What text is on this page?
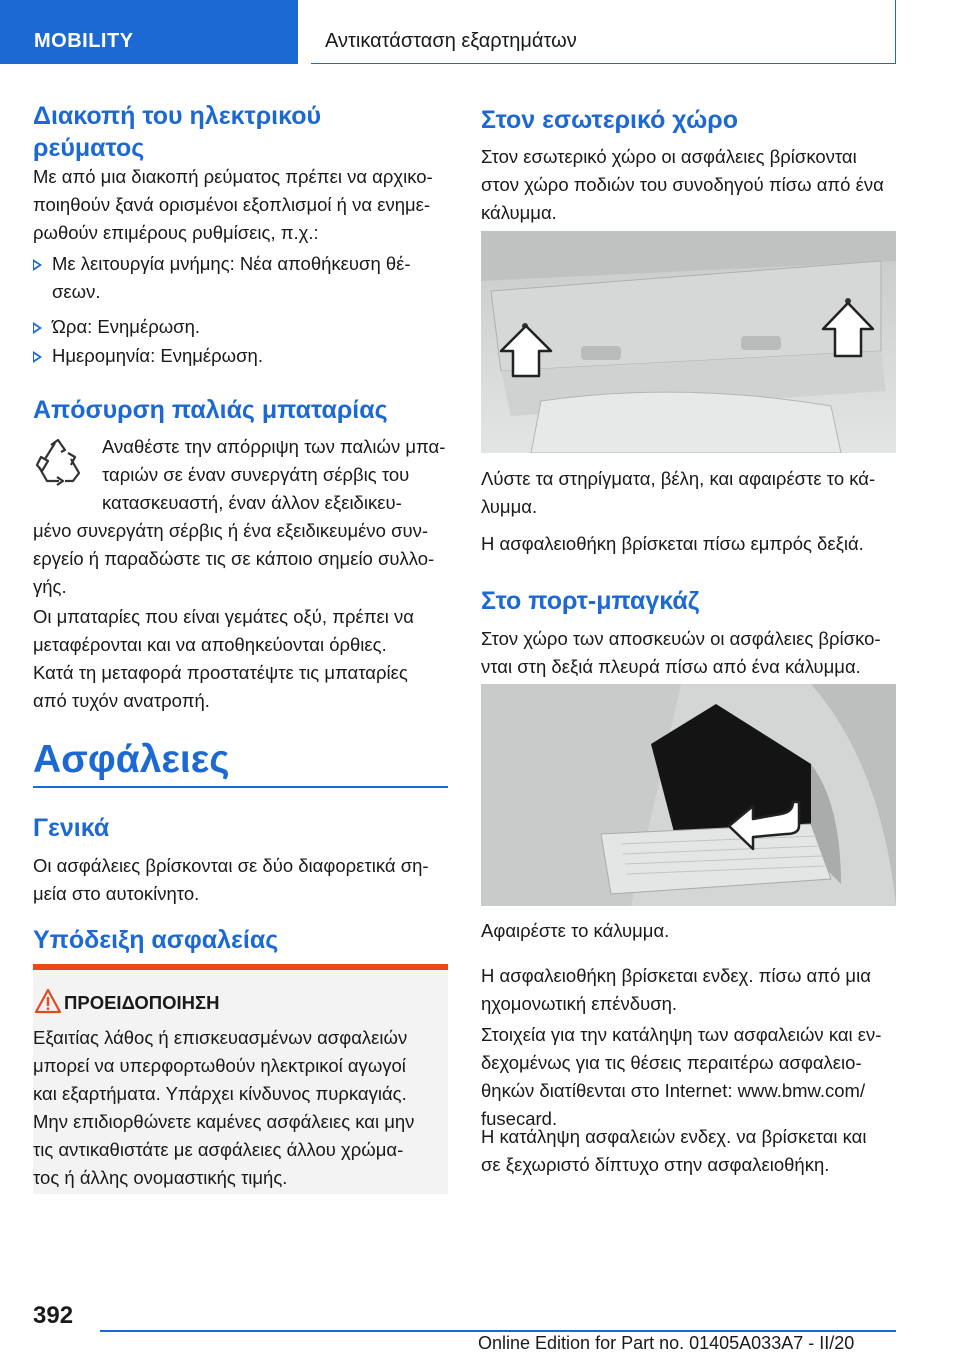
MOBILITY	Αντικατάσταση εξαρτημάτων
Διακοπή του ηλεκτρικού
ρεύματος

Με από μια διακοπή ρεύματος πρέπει να αρχικο-
ποιηθούν ξανά ορισμένοι εξοπλισμοί ή να ενημε-
ρωθούν επιμέρους ρυθμίσεις, π.χ.:

Με λειτουργία μνήμης: Νέα αποθήκευση θέ-
σεων.
Ώρα: Ενημέρωση.
Ημερομηνία: Ενημέρωση.
Απόσυρση παλιάς μπαταρίας

Αναθέστε την απόρριψη των παλιών μπα-
ταριών σε έναν συνεργάτη σέρβις του
κατασκευαστή, έναν άλλον εξειδικευ-

μένο συνεργάτη σέρβις ή ένα εξειδικευμένο συν-
εργείο ή παραδώστε τις σε κάποιο σημείο συλλο-
γής.

Οι μπαταρίες που είναι γεμάτες οξύ, πρέπει να
μεταφέρονται και να αποθηκεύονται όρθιες.
Κατά τη μεταφορά προστατέψτε τις μπαταρίες
από τυχόν ανατροπή.

Ασφάλειες
Γενικά

Οι ασφάλειες βρίσκονται σε δύο διαφορετικά ση-
μεία στο αυτοκίνητο.

Υπόδειξη ασφαλείας
ΠΡΟΕΙΔΟΠΟΙΗΣΗ

Εξαιτίας λάθος ή επισκευασμένων ασφαλειών
μπορεί να υπερφορτωθούν ηλεκτρικοί αγωγοί
και εξαρτήματα. Υπάρχει κίνδυνος πυρκαγιάς.
Μην επιδιορθώνετε καμένες ασφάλειες και μην
τις αντικαθιστάτε με ασφάλειες άλλου χρώμα-
τος ή άλλης ονομαστικής τιμής.

Στον εσωτερικό χώρο

Στον εσωτερικό χώρο οι ασφάλειες βρίσκονται
στον χώρο ποδιών του συνοδηγού πίσω από ένα
κάλυμμα.

Λύστε τα στηρίγματα, βέλη, και αφαιρέστε το κά-
λυμμα.

Η ασφαλειοθήκη βρίσκεται πίσω εμπρός δεξιά.

Στο πορτ-μπαγκάζ

Στον χώρο των αποσκευών οι ασφάλειες βρίσκο-
νται στη δεξιά πλευρά πίσω από ένα κάλυμμα.

Αφαιρέστε το κάλυμμα.

Η ασφαλειοθήκη βρίσκεται ενδεχ. πίσω από μια
ηχομονωτική επένδυση.

Στοιχεία για την κατάληψη των ασφαλειών και εν-
δεχομένως για τις θέσεις περαιτέρω ασφαλειο-
θηκών διατίθενται στο Internet: www.bmw.com/
fusecard.

Η κατάληψη ασφαλειών ενδεχ. να βρίσκεται και
σε ξεχωριστό δίπτυχο στην ασφαλειοθήκη.

392
Online Edition for Part no. 01405A033A7 - II/20
